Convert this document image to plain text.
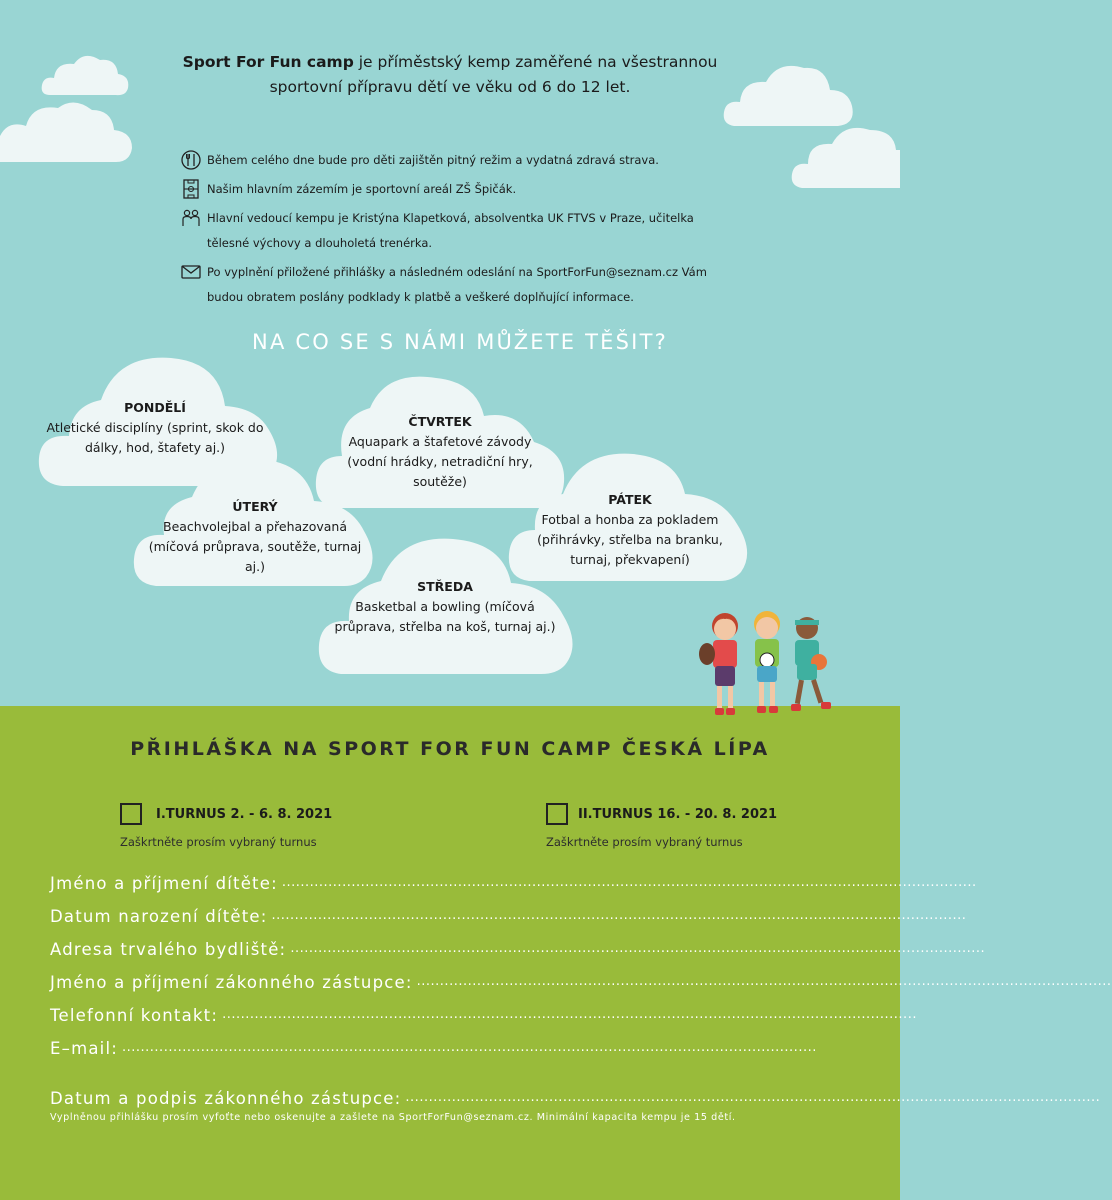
Sport For Fun camp je příměstský kemp zaměřené na všestrannou
sportovní přípravu dětí ve věku od 6 do 12 let.
Během celého dne bude pro děti zajištěn pitný režim a vydatná zdravá strava.
Našim hlavním zázemím je sportovní areál ZŠ Špičák.
Hlavní vedoucí kempu je Kristýna Klapetková, absolventka UK FTVS v Praze, učitelka tělesné výchovy a dlouholetá trenérka.
Po vyplnění přiložené přihlášky a následném odeslání na SportForFun@seznam.cz Vám budou obratem poslány podklady k platbě a veškeré doplňující informace.
NA CO SE S NÁMI MŮŽETE TĚŠIT?
PONDĚLÍ
Atletické disciplíny (sprint, skok do dálky, hod, štafety aj.)
ČTVRTEK
Aquapark a štafetové závody (vodní hrádky, netradiční hry, soutěže)
PÁTEK
Fotbal a honba za pokladem (přihrávky, střelba na branku, turnaj, překvapení)
ÚTERÝ
Beachvolejbal a přehazovaná (míčová průprava, soutěže, turnaj aj.)
STŘEDA
Basketbal a bowling (míčová průprava, střelba na koš, turnaj aj.)
PŘIHLÁŠKA NA SPORT FOR FUN CAMP ČESKÁ LÍPA
I.TURNUS 2. - 6. 8. 2021
Zaškrtněte prosím vybraný turnus
II.TURNUS 16. - 20. 8. 2021
Zaškrtněte prosím vybraný turnus
Jméno a příjmení dítěte: ......................................................................................................................................................
Datum narození dítěte: ......................................................................................................................................................
Adresa trvalého bydliště: ......................................................................................................................................................
Jméno a příjmení zákonného zástupce: ......................................................................................................................................................
Telefonní kontakt: ......................................................................................................................................................
E–mail: ......................................................................................................................................................
Datum a podpis zákonného zástupce: ......................................................................................................................................................
Vyplněnou přihlášku prosím vyfoťte nebo oskenujte a zašlete na SportForFun@seznam.cz. Minimální kapacita kempu je 15 dětí.
